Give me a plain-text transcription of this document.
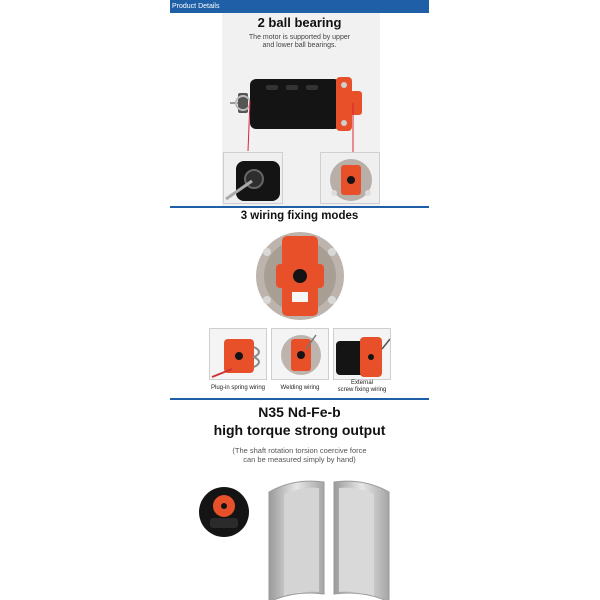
Product Details
2 ball bearing
The motor is supported by upper
and lower ball bearings.
3 wiring fixing modes
Plug-in spring wiring	Welding wiring
External
screw fixing wiring
N35 Nd-Fe-b
high torque strong output
(The shaft rotation torsion coercive force
can be measured simply by hand)
